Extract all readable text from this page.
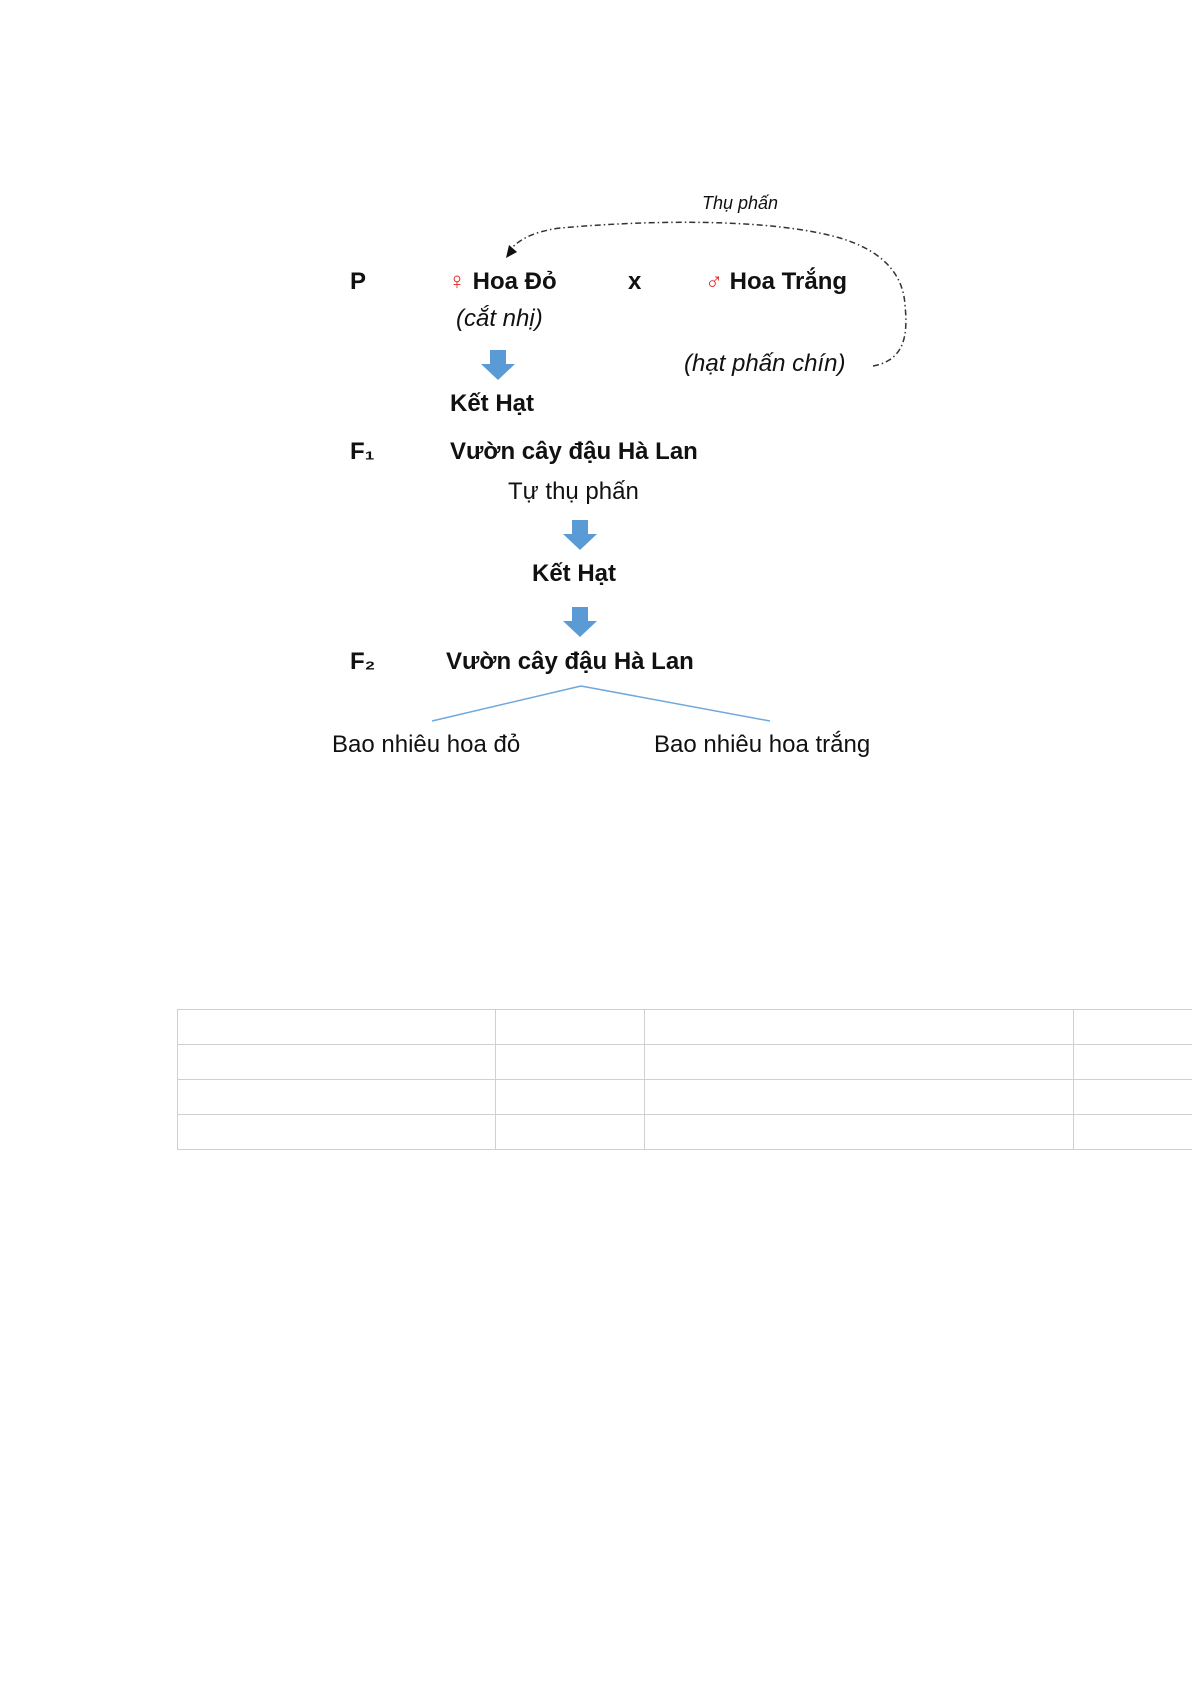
Thụ phấn
P	♀ Hoa Đỏ
(cắt nhị)
x	♂ Hoa Trắng
(hạt phấn chín)
Kết Hạt
F₁	Vườn cây đậu Hà Lan
Tự thụ phấn
Kết Hạt
F₂	Vườn cây đậu Hà Lan
Bao nhiêu hoa đỏ	Bao nhiêu hoa trắng
